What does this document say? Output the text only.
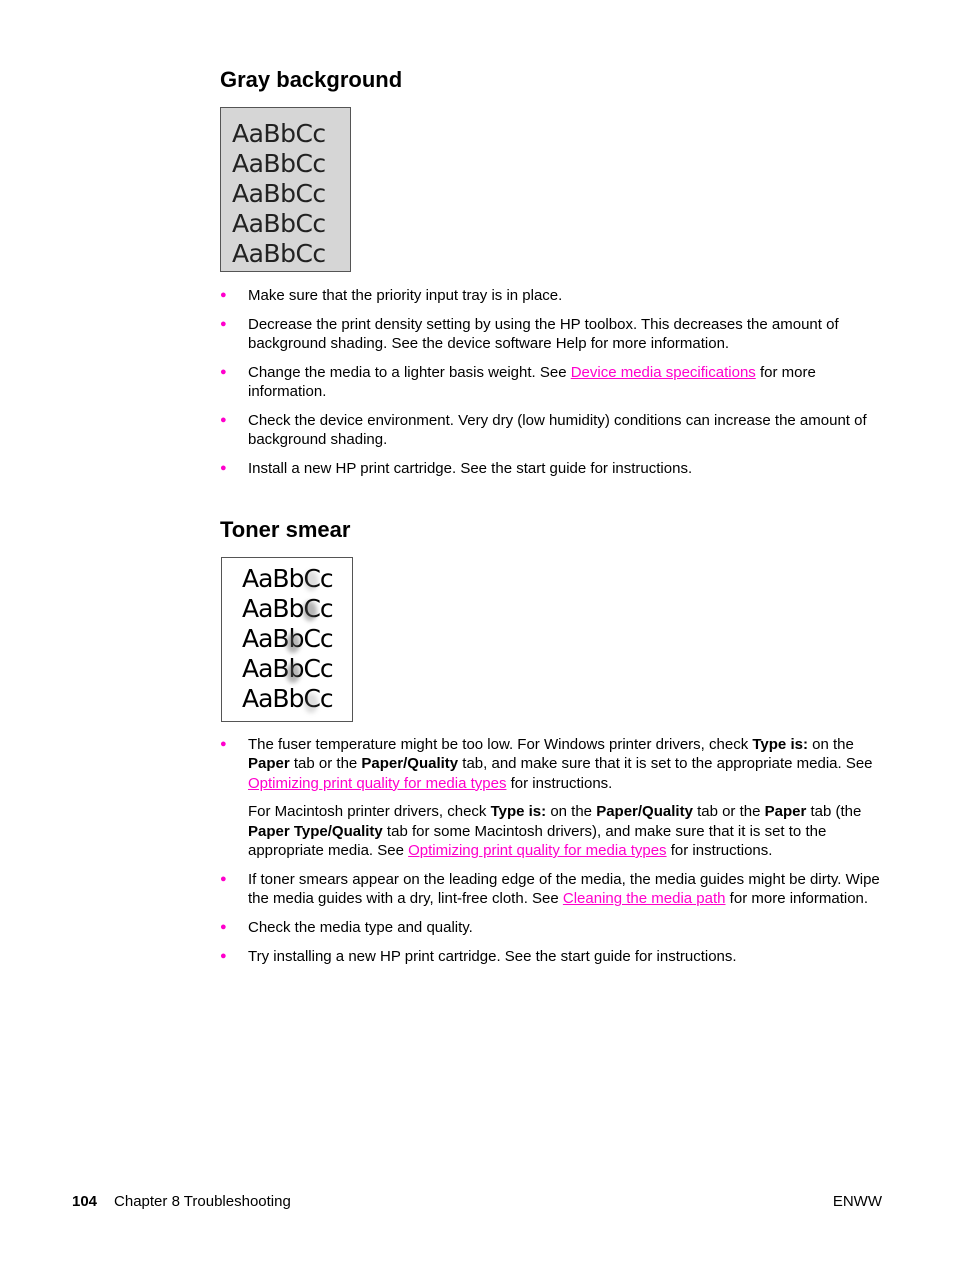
Gray background
AaBbCc
AaBbCc
AaBbCc
AaBbCc
AaBbCc
● Make sure that the priority input tray is in place.
● Decrease the print density setting by using the HP toolbox. This decreases the amount of background shading. See the device software Help for more information.
● Change the media to a lighter basis weight. See Device media specifications for more information.
● Check the device environment. Very dry (low humidity) conditions can increase the amount of background shading.
● Install a new HP print cartridge. See the start guide for instructions.
Toner smear
AaBbCc
AaBbCc
AaBbCc
AaBbCc
AaBbCc
● The fuser temperature might be too low. For Windows printer drivers, check Type is: on the Paper tab or the Paper/Quality tab, and make sure that it is set to the appropriate media. See Optimizing print quality for media types for instructions.

For Macintosh printer drivers, check Type is: on the Paper/Quality tab or the Paper tab (the Paper Type/Quality tab for some Macintosh drivers), and make sure that it is set to the appropriate media. See Optimizing print quality for media types for instructions.

● If toner smears appear on the leading edge of the media, the media guides might be dirty. Wipe the media guides with a dry, lint-free cloth. See Cleaning the media path for more information.
● Check the media type and quality.
● Try installing a new HP print cartridge. See the start guide for instructions.
104 Chapter 8 Troubleshooting	ENWW
